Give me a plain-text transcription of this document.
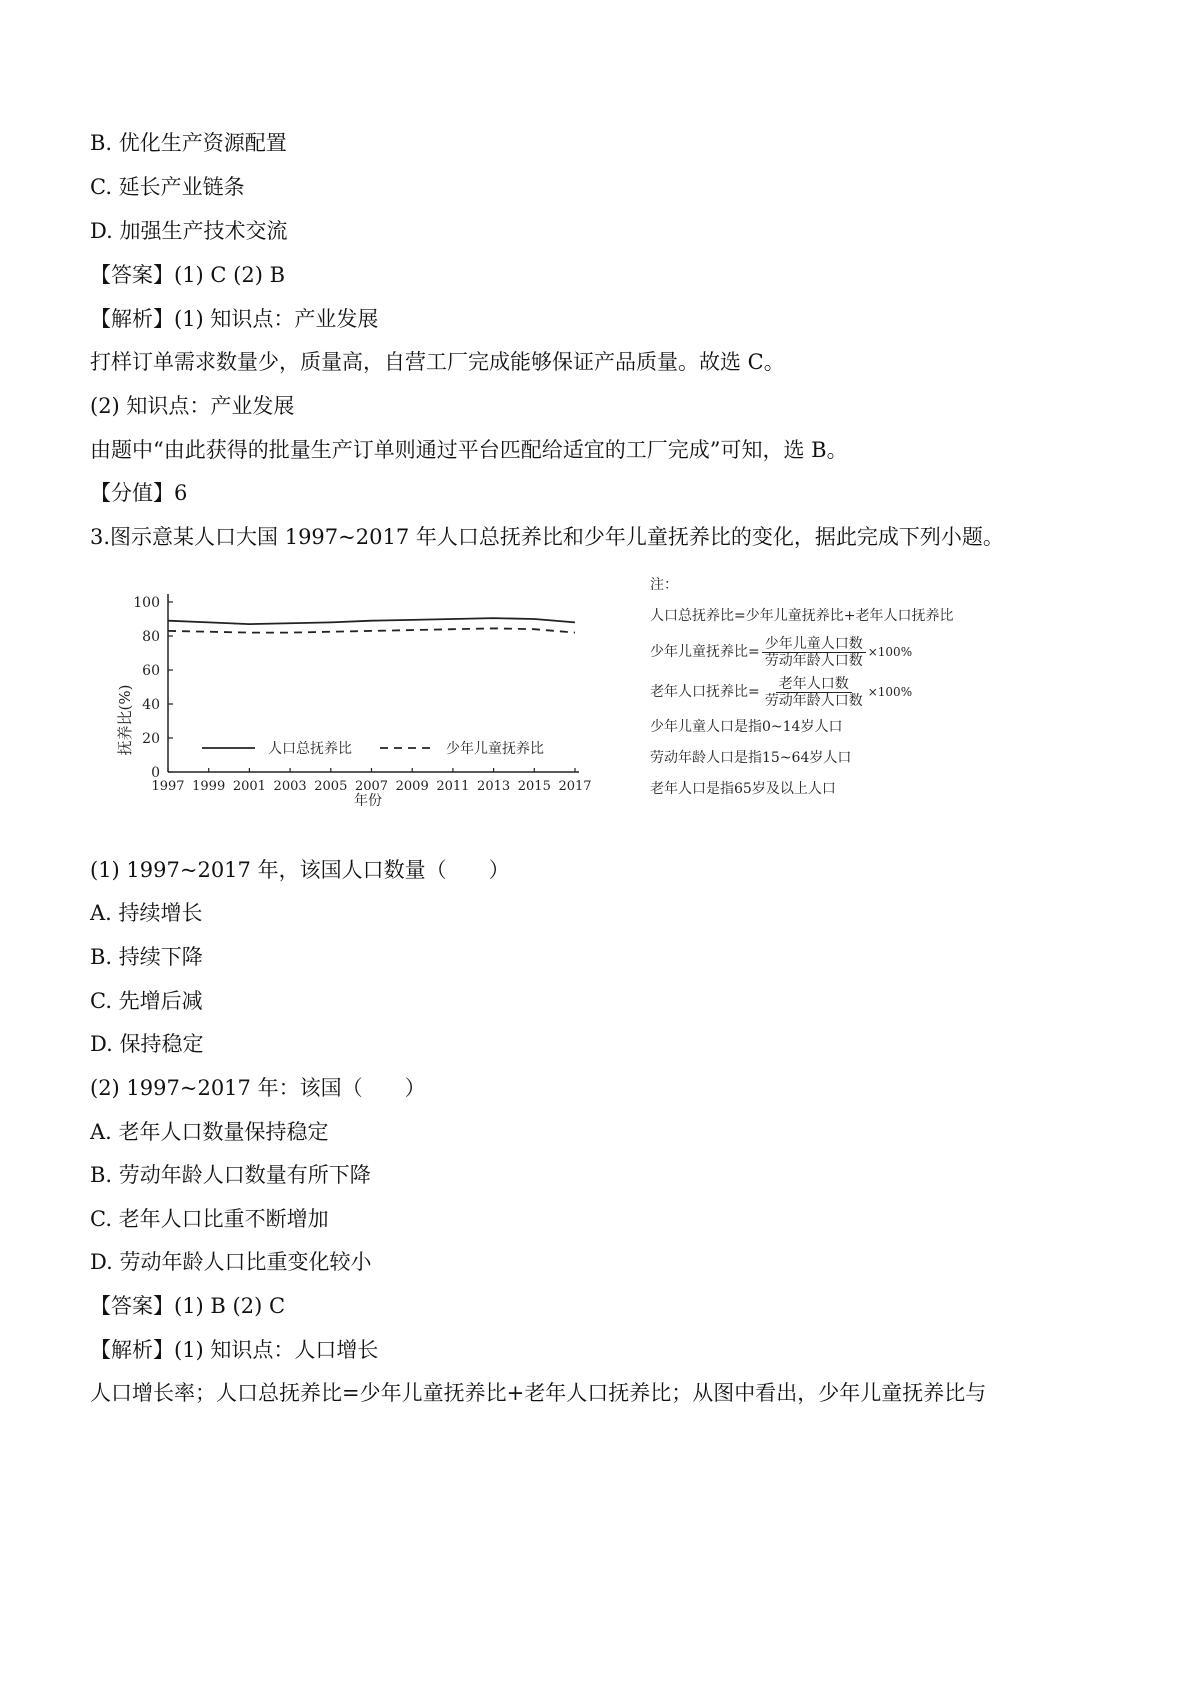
B. 优化生产资源配置
C. 延长产业链条
D. 加强生产技术交流
【答案】(1) C (2) B
【解析】(1) 知识点：产业发展
打样订单需求数量少，质量高，自营工厂完成能够保证产品质量。故选 C。
(2) 知识点：产业发展
由题中“由此获得的批量生产订单则通过平台匹配给适宜的工厂完成”可知，选 B。
【分值】6
3.图示意某人口大国 1997~2017 年人口总抚养比和少年儿童抚养比的变化，据此完成下列小题。
0
20
40
60
80
100
1997 1999 2001 2003 2005 2007 2009 2011 2013 2015 2017
人口总抚养比	少年儿童抚养比
抚养比(%)
年份
注：
人口总抚养比=少年儿童抚养比+老年人口抚养比
少年儿童抚养比= $\frac{\text{少年儿童人口数}}{\text{劳动年龄人口数}} \times 100\%$
老年人口抚养比= $\frac{\text{老年人口数}}{\text{劳动年龄人口数}} \times 100\%$
少年儿童人口是指0~14岁人口
劳动年龄人口是指15~64岁人口
老年人口是指65岁及以上人口
(1) 1997~2017 年，该国人口数量（　　）
A. 持续增长
B. 持续下降
C. 先增后减
D. 保持稳定
(2) 1997~2017 年：该国（　　）
A. 老年人口数量保持稳定
B. 劳动年龄人口数量有所下降
C. 老年人口比重不断增加
D. 劳动年龄人口比重变化较小
【答案】(1) B (2) C
【解析】(1) 知识点：人口增长
人口增长率；人口总抚养比=少年儿童抚养比+老年人口抚养比；从图中看出，少年儿童抚养比与
